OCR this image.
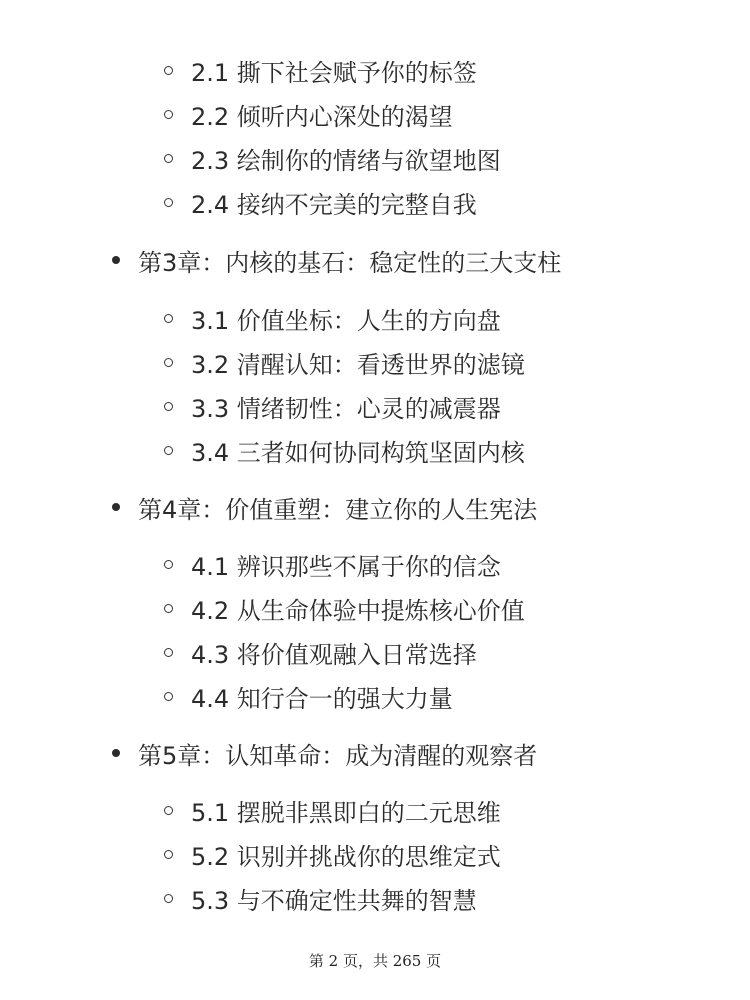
2.1 撕下社会赋予你的标签
2.2 倾听内心深处的渴望
2.3 绘制你的情绪与欲望地图
2.4 接纳不完美的完整自我
第3章：内核的基石：稳定性的三大支柱
3.1 价值坐标：人生的方向盘
3.2 清醒认知：看透世界的滤镜
3.3 情绪韧性：心灵的减震器
3.4 三者如何协同构筑坚固内核
第4章：价值重塑：建立你的人生宪法
4.1 辨识那些不属于你的信念
4.2 从生命体验中提炼核心价值
4.3 将价值观融入日常选择
4.4 知行合一的强大力量
第5章：认知革命：成为清醒的观察者
5.1 摆脱非黑即白的二元思维
5.2 识别并挑战你的思维定式
5.3 与不确定性共舞的智慧
第 2 页，共 265 页
